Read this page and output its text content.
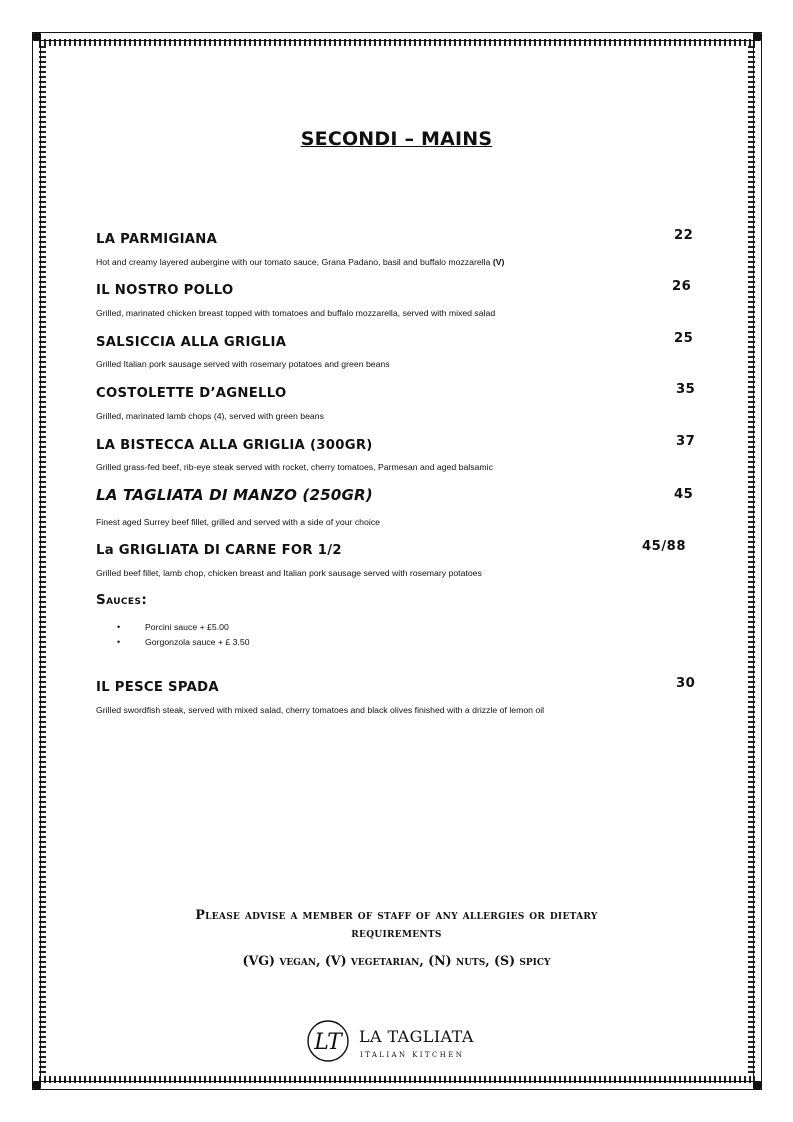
SECONDI – MAINS
LA PARMIGIANA	22
Hot and creamy layered aubergine with our tomato sauce, Grana Padano, basil and buffalo mozzarella (V)
IL NOSTRO POLLO	26
Grilled, marinated chicken breast topped with tomatoes and buffalo mozzarella, served with mixed salad
SALSICCIA ALLA GRIGLIA	25
Grilled Italian pork sausage served with rosemary potatoes and green beans
COSTOLETTE D’AGNELLO	35
Grilled, marinated lamb chops (4), served with green beans
LA BISTECCA ALLA GRIGLIA (300GR)	37
Grilled grass-fed beef, rib-eye steak served with rocket, cherry tomatoes, Parmesan and aged balsamic
LA TAGLIATA DI MANZO (250GR)	45
Finest aged Surrey beef fillet, grilled and served with a side of your choice
La GRIGLIATA DI CARNE FOR 1/2	45/88
Grilled beef fillet, lamb chop, chicken breast and Italian pork sausage served with rosemary potatoes
Sauces:
•	Porcini sauce + £5.00
•	Gorgonzola sauce + £ 3.50
IL PESCE SPADA	30
Grilled swordfish steak, served with mixed salad, cherry tomatoes and black olives finished with a drizzle of lemon oil
Please advise a member of staff of any allergies or dietary
requirements
(VG) vegan, (V) vegetarian, (N) nuts, (S) spicy
LT LA TAGLIATA
ITALIAN KITCHEN
